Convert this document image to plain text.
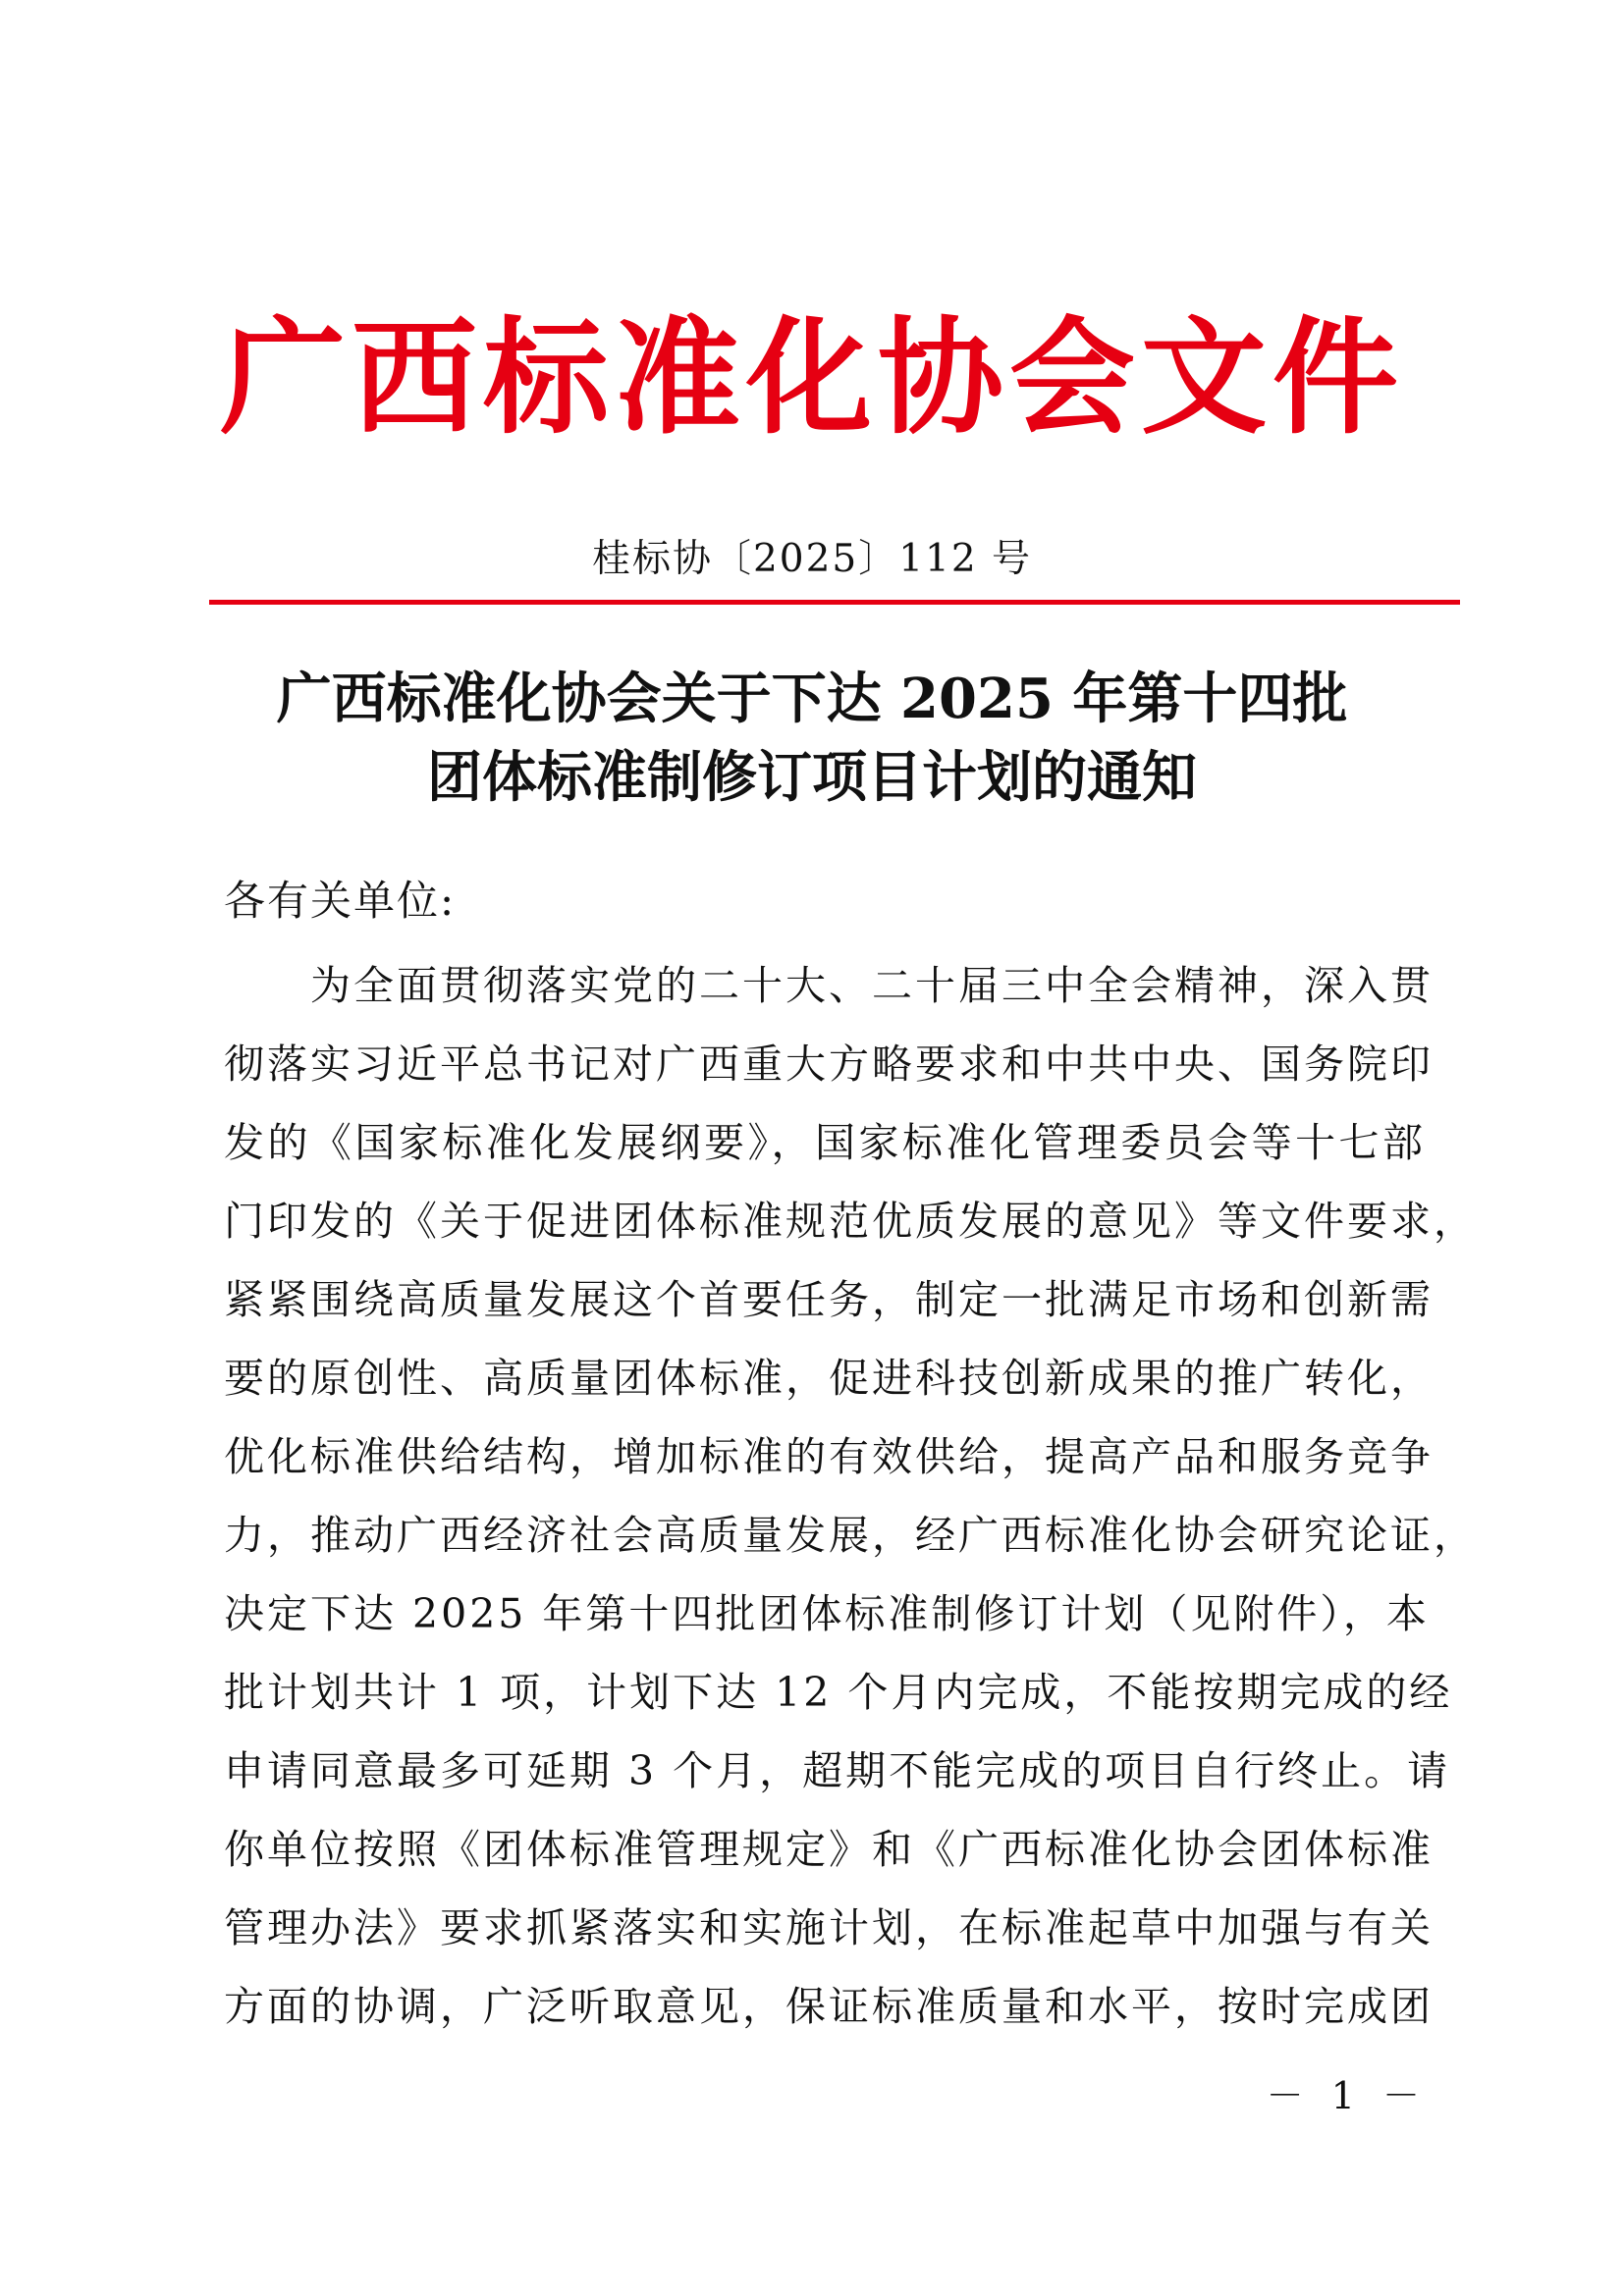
广西标准化协会文件
桂标协〔2025〕112 号
广西标准化协会关于下达 2025 年第十四批
团体标准制修订项目计划的通知
各有关单位:
　　为全面贯彻落实党的二十大、二十届三中全会精神，深入贯
彻落实习近平总书记对广西重大方略要求和中共中央、国务院印
发的《国家标准化发展纲要》，国家标准化管理委员会等十七部
门印发的《关于促进团体标准规范优质发展的意见》等文件要求，
紧紧围绕高质量发展这个首要任务，制定一批满足市场和创新需
要的原创性、高质量团体标准，促进科技创新成果的推广转化，
优化标准供给结构，增加标准的有效供给，提高产品和服务竞争
力，推动广西经济社会高质量发展，经广西标准化协会研究论证，
决定下达 2025 年第十四批团体标准制修订计划（见附件），本
批计划共计 1 项，计划下达 12 个月内完成，不能按期完成的经
申请同意最多可延期 3 个月，超期不能完成的项目自行终止。请
你单位按照《团体标准管理规定》和《广西标准化协会团体标准
管理办法》要求抓紧落实和实施计划，在标准起草中加强与有关
方面的协调，广泛听取意见，保证标准质量和水平，按时完成团
－ 1 －
